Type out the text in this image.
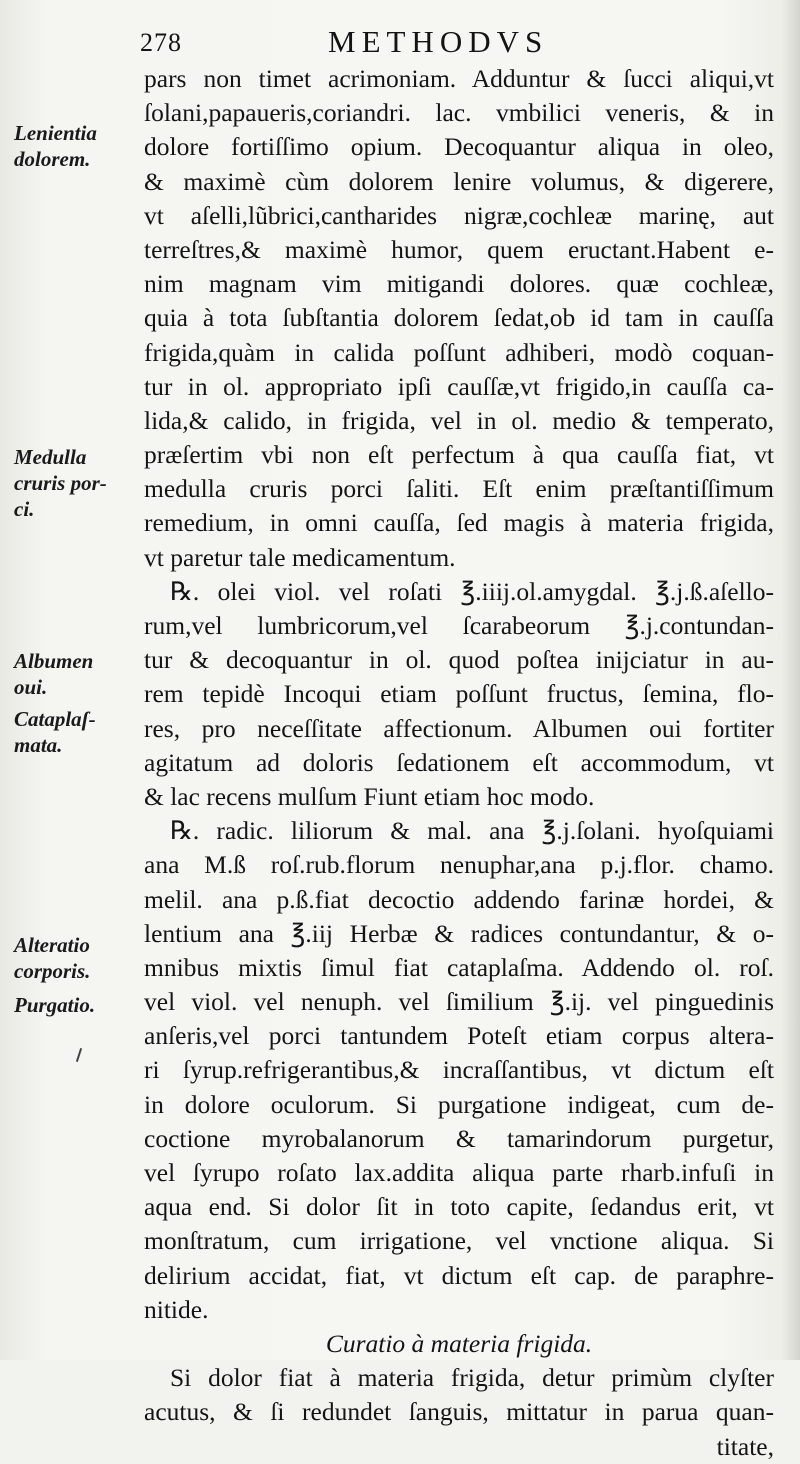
278	METHODVS
Lenientia
dolorem.
Medulla
cruris por-
ci.
Albumen
oui.
Cataplaſ-
mata.
Alteratio
corporis.
Purgatio.
pars non timet acrimoniam. Adduntur & ſucci aliqui,vt
ſolani,papaueris,coriandri. lac. vmbilici veneris, & in
dolore fortiſſimo opium. Decoquantur aliqua in oleo,
& maximè cùm dolorem lenire volumus, & digerere,
vt aſelli,lũbrici,cantharides nigræ,cochleæ marinę, aut
terreſtres,& maximè humor, quem eructant.Habent e-
nim magnam vim mitigandi dolores. quæ cochleæ,
quia à tota ſubſtantia dolorem ſedat,ob id tam in cauſſa
frigida,quàm in calida poſſunt adhiberi, modò coquan-
tur in ol. appropriato ipſi cauſſæ,vt frigido,in cauſſa ca-
lida,& calido, in frigida, vel in ol. medio & temperato,
præſertim vbi non eſt perfectum à qua cauſſa fiat, vt
medulla cruris porci ſaliti. Eſt enim præſtantiſſimum
remedium, in omni cauſſa, ſed magis à materia frigida,
vt paretur tale medicamentum.
℞. olei viol. vel roſati ℥.iiij.ol.amygdal. ℥.j.ß.aſello-
rum,vel lumbricorum,vel ſcarabeorum ℥.j.contundan-
tur & decoquantur in ol. quod poſtea inijciatur in au-
rem tepidè Incoqui etiam poſſunt fructus, ſemina, flo-
res, pro neceſſitate affectionum. Albumen oui fortiter
agitatum ad doloris ſedationem eſt accommodum, vt
& lac recens mulſum Fiunt etiam hoc modo.
℞. radic. liliorum & mal. ana ℥.j.ſolani. hyoſquiami
ana M.ß roſ.rub.florum nenuphar,ana p.j.flor. chamo.
melil. ana p.ß.fiat decoctio addendo farinæ hordei, &
lentium ana ℥.iij Herbæ & radices contundantur, & o-
mnibus mixtis ſimul fiat cataplaſma. Addendo ol. roſ.
vel viol. vel nenuph. vel ſimilium ℥.ij. vel pinguedinis
anſeris,vel porci tantundem Poteſt etiam corpus altera-
ri ſyrup.refrigerantibus,& incraſſantibus, vt dictum eſt
in dolore oculorum. Si purgatione indigeat, cum de-
coctione myrobalanorum & tamarindorum purgetur,
vel ſyrupo roſato lax.addita aliqua parte rharb.infuſi in
aqua end. Si dolor ſit in toto capite, ſedandus erit, vt
monſtratum, cum irrigatione, vel vnctione aliqua. Si
delirium accidat, fiat, vt dictum eſt cap. de paraphre-
nitide.
Curatio à materia frigida.
Si dolor fiat à materia frigida, detur primùm clyſter
acutus, & ſi redundet ſanguis, mittatur in parua quan-
titate,
